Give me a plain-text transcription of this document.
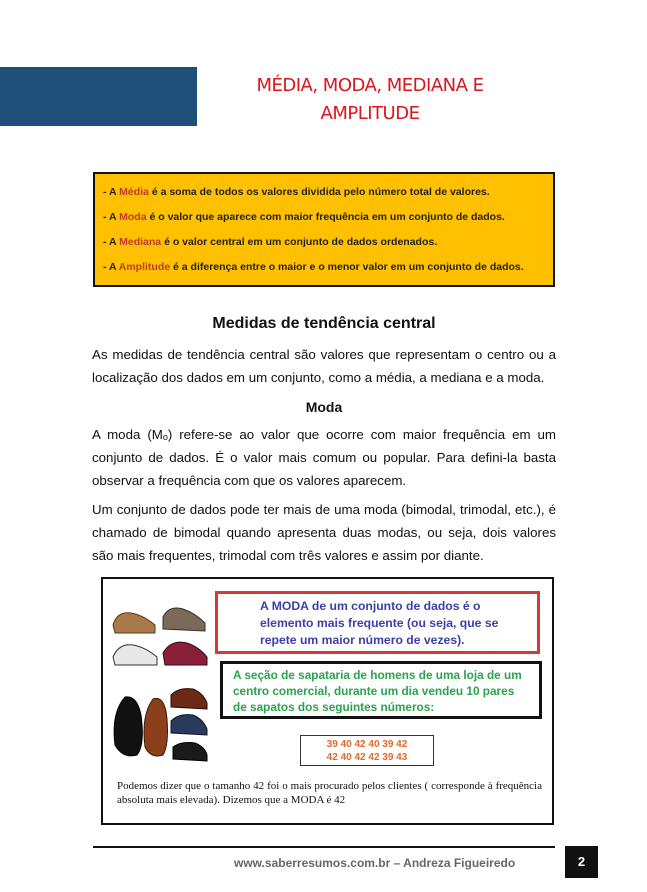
MÉDIA, MODA, MEDIANA E
AMPLITUDE
- A Média é a soma de todos os valores dividida pelo número total de valores.
- A Moda é o valor que aparece com maior frequência em um conjunto de dados.
- A Mediana é o valor central em um conjunto de dados ordenados.
- A Amplitude é a diferença entre o maior e o menor valor em um conjunto de dados.
Medidas de tendência central
As medidas de tendência central são valores que representam o centro ou a localização dos dados em um conjunto, como a média, a mediana e a moda.
Moda
A moda (Mₒ) refere-se ao valor que ocorre com maior frequência em um conjunto de dados. É o valor mais comum ou popular. Para defini-la basta observar a frequência com que os valores aparecem.
Um conjunto de dados pode ter mais de uma moda (bimodal, trimodal, etc.), é chamado de bimodal quando apresenta duas modas, ou seja, dois valores são mais frequentes, trimodal com três valores e assim por diante.
A MODA de um conjunto de dados é o elemento mais frequente (ou seja, que se repete um maior número de vezes).
A seção de sapataria de homens de uma loja de um centro comercial, durante um dia vendeu 10 pares de sapatos dos seguintes números:
39 40 42 40 39 42
42 40 42 42 39 43
Podemos dizer que o tamanho 42 foi o mais procurado pelos clientes ( corresponde à frequência absoluta mais elevada). Dizemos que a MODA é 42
www.saberresumos.com.br – Andreza Figueiredo	2
